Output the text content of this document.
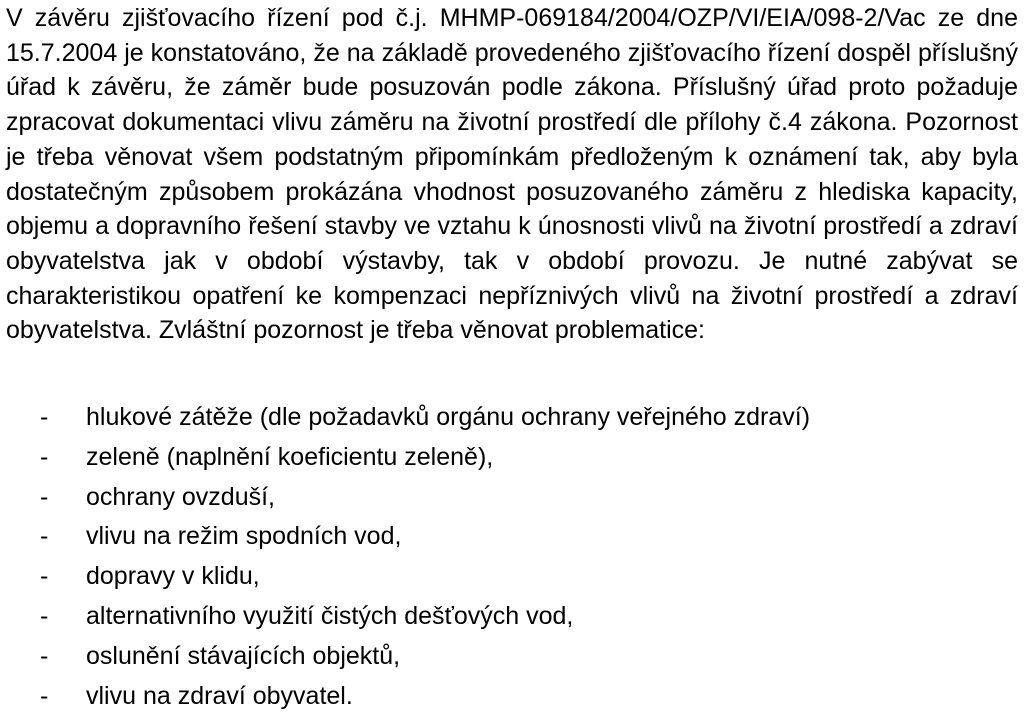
V závěru zjišťovacího řízení pod č.j. MHMP-069184/2004/OZP/VI/EIA/098-2/Vac ze dne 15.7.2004 je konstatováno, že na základě provedeného zjišťovacího řízení dospěl příslušný úřad k závěru, že záměr bude posuzován podle zákona. Příslušný úřad proto požaduje zpracovat dokumentaci vlivu záměru na životní prostředí dle přílohy č.4 zákona. Pozornost je třeba věnovat všem podstatným připomínkám předloženým k oznámení tak, aby byla dostatečným způsobem prokázána vhodnost posuzovaného záměru z hlediska kapacity, objemu a dopravního řešení stavby ve vztahu k únosnosti vlivů na životní prostředí a zdraví obyvatelstva jak v období výstavby, tak v období provozu. Je nutné zabývat se charakteristikou opatření ke kompenzaci nepříznivých vlivů na životní prostředí a zdraví obyvatelstva. Zvláštní pozornost je třeba věnovat problematice:

- hlukové zátěže (dle požadavků orgánu ochrany veřejného zdraví)
- zeleně (naplnění koeficientu zeleně),
- ochrany ovzduší,
- vlivu na režim spodních vod,
- dopravy v klidu,
- alternativního využití čistých dešťových vod,
- oslunění stávajících objektů,
- vlivu na zdraví obyvatel.
